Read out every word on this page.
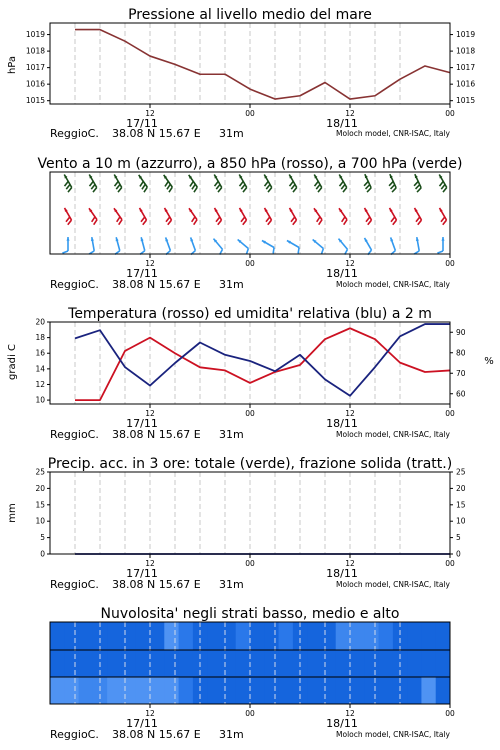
Pressione al livello medio del mare
hPa
1015
1016
1017
1018
1019
1015
1016
1017
1018
1019
12	00	12	00
17/11	18/11
ReggioC. 38.08 N 15.67 E 31m	Moloch model, CNR-ISAC, Italy
Vento a 10 m (azzurro), a 850 hPa (rosso), a 700 hPa (verde)
12	00	12	00
17/11	18/11
ReggioC. 38.08 N 15.67 E 31m	Moloch model, CNR-ISAC, Italy
Temperatura (rosso) ed umidita' relativa (blu) a 2 m
gradi C	%
10
12
14
16
18
20
60
70
80
90
12	00	12	00
17/11	18/11
ReggioC. 38.08 N 15.67 E 31m	Moloch model, CNR-ISAC, Italy
Precip. acc. in 3 ore: totale (verde), frazione solida (tratt.)
mm
0
5
10
15
20
25
0
5
10
15
20
25
12	00	12	00
17/11	18/11
ReggioC. 38.08 N 15.67 E 31m	Moloch model, CNR-ISAC, Italy
Nuvolosita' negli strati basso, medio e alto
12	00	12	00
17/11	18/11
ReggioC. 38.08 N 15.67 E 31m	Moloch model, CNR-ISAC, Italy
